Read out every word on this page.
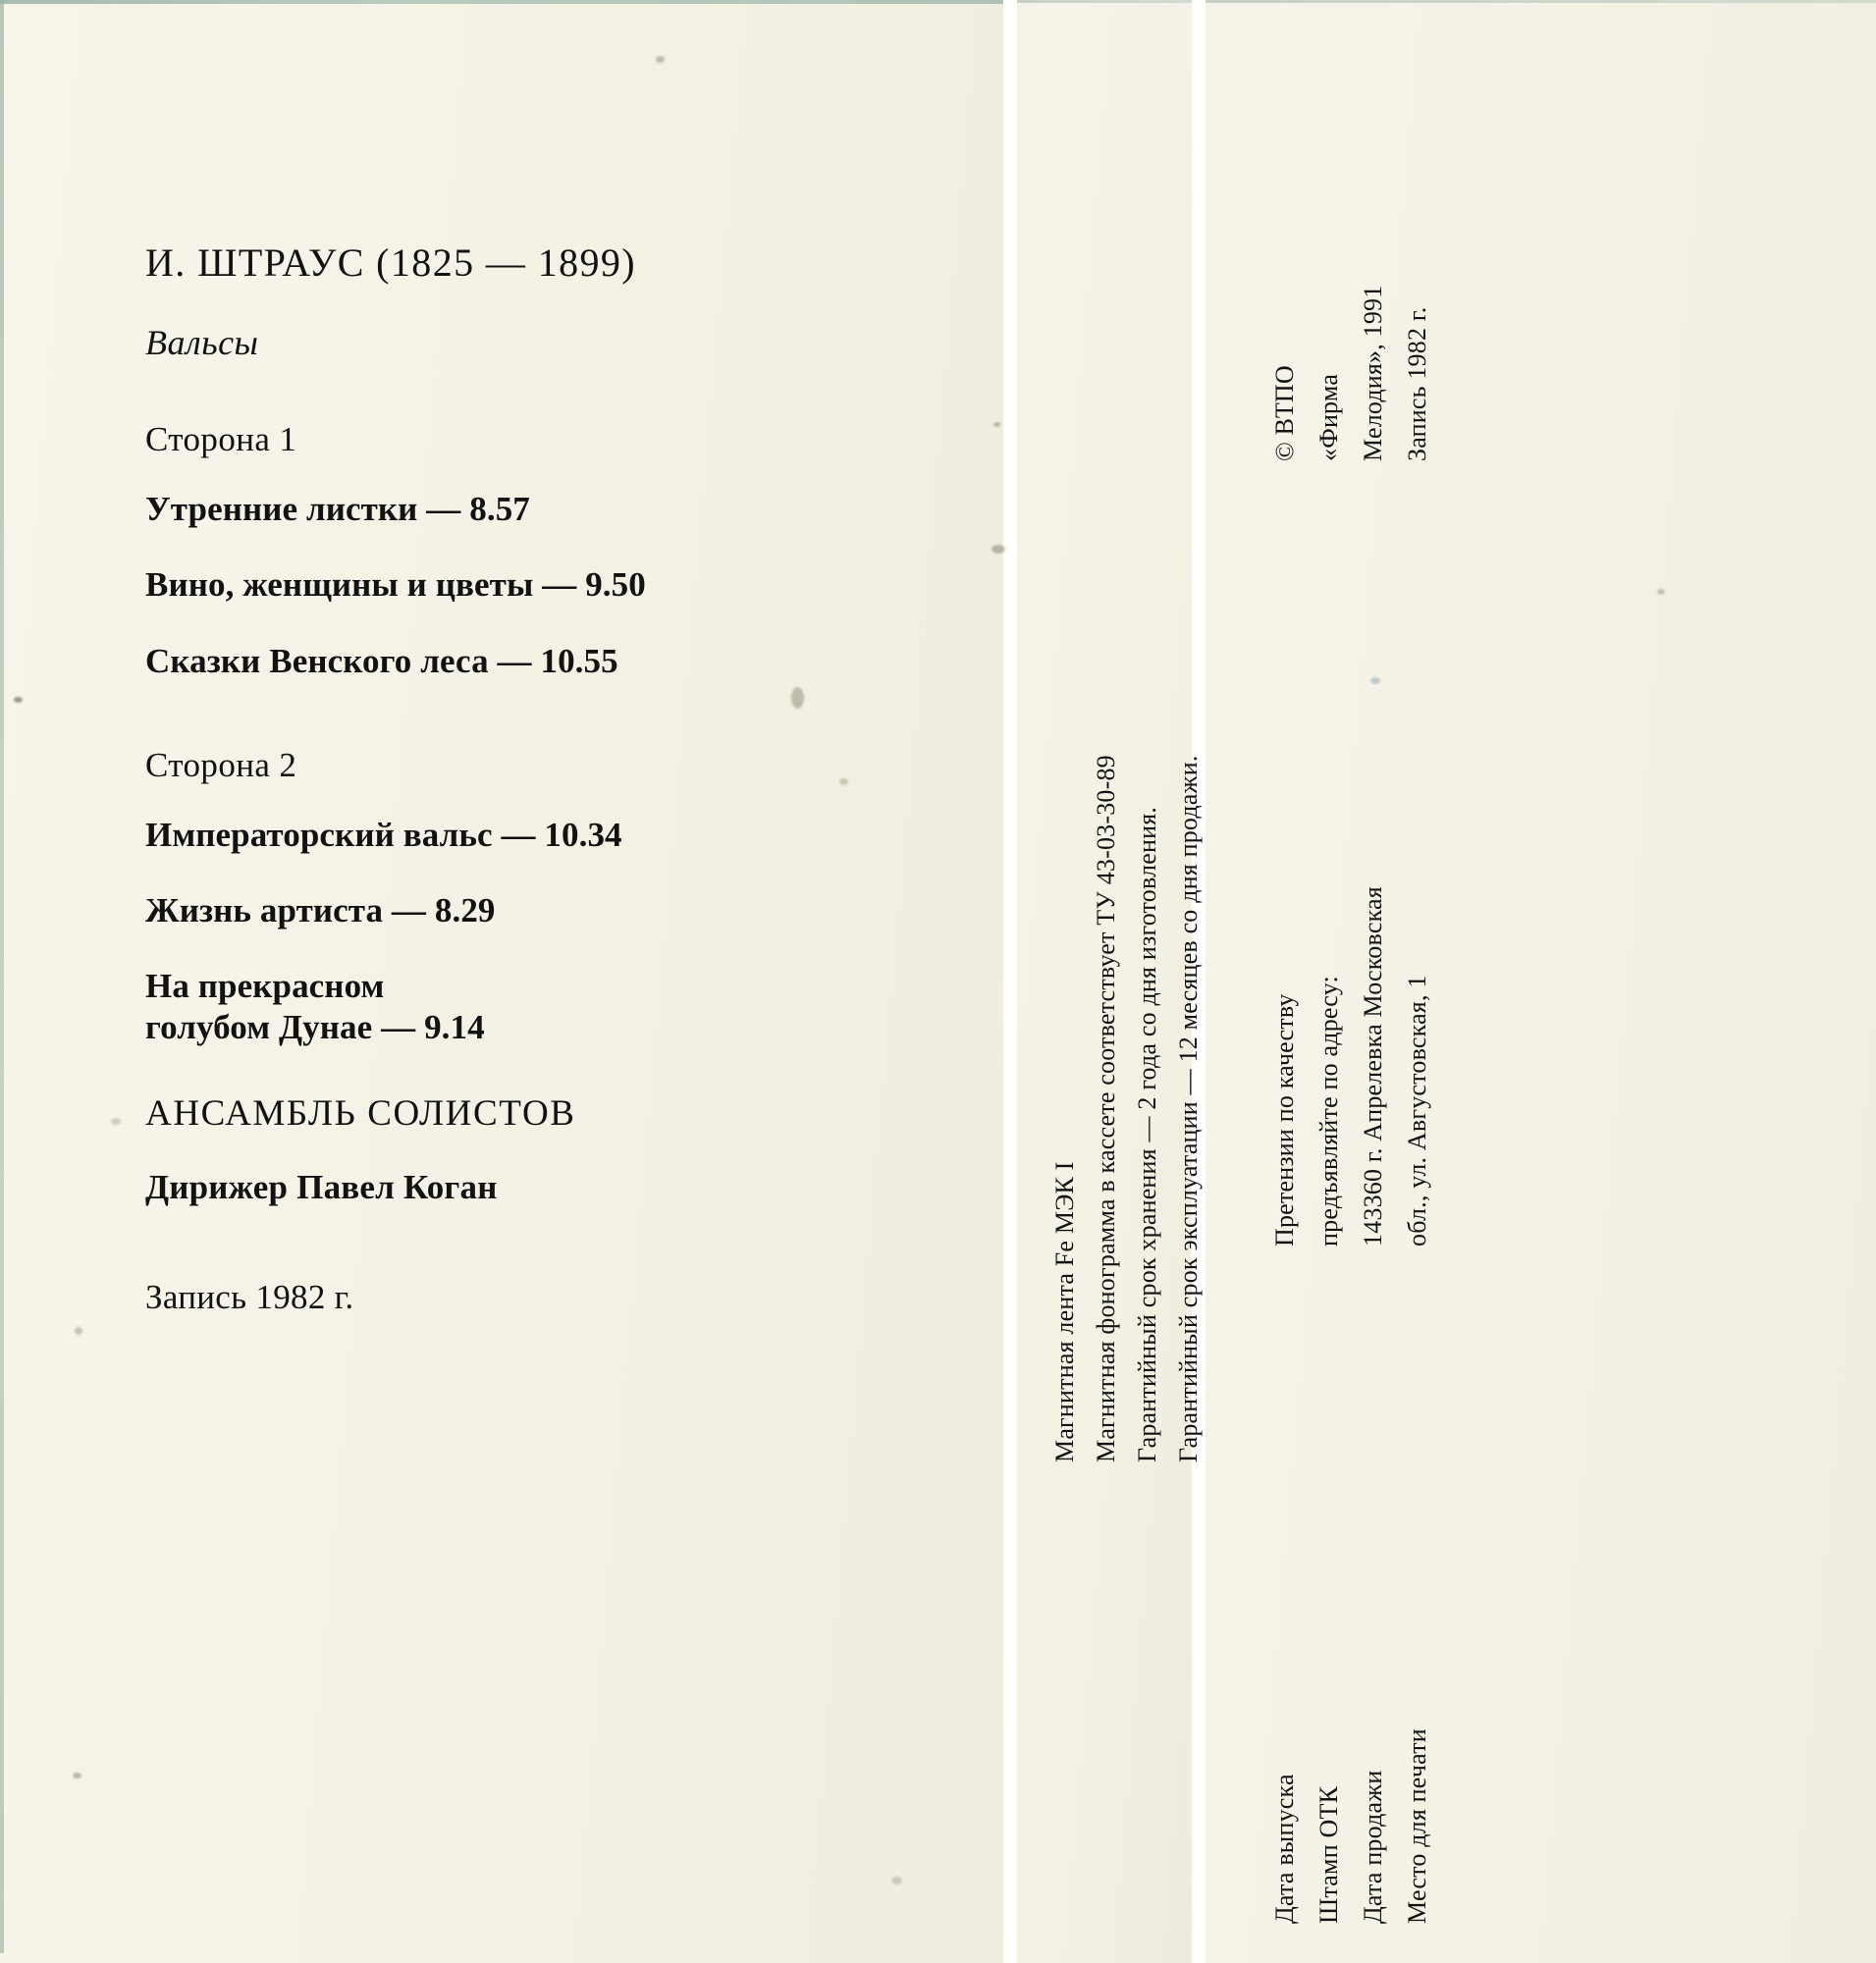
И. ШТРАУС (1825 — 1899)

Вальсы

Сторона 1

Утренние листки — 8.57

Вино, женщины и цветы — 9.50

Сказки Венского леса — 10.55

Сторона 2

Императорский вальс — 10.34

Жизнь артиста — 8.29

На прекрасном
голубом Дунае — 9.14

АНСАМБЛЬ СОЛИСТОВ

Дирижер Павел Коган

Запись 1982 г.	Магнитная лента Fe МЭК I Магнитная фонограмма в кассете соответствует ТУ 43-03-30-89 Гарантийный срок хранения — 2 года со дня изготовления. Гарантийный срок эксплуатации — 12 месяцев со дня продажи.
© ВТПО «Фирма Мелодия», 1991 Запись 1982 г.
Претензии по качеству предъявляйте по адресу: 143360 г. Апрелевка Московская обл., ул. Августовская, 1
Дата выпуска Штамп ОТК Дата продажи Место для печати
